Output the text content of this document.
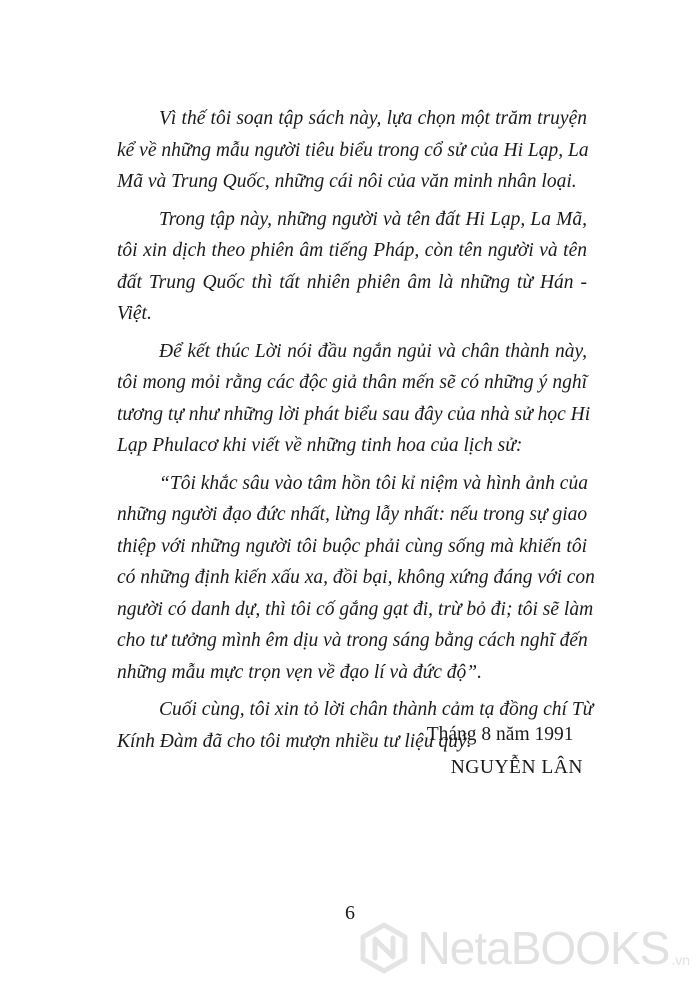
Vì thế tôi soạn tập sách này, lựa chọn một trăm truyện
kể về những mẫu người tiêu biểu trong cổ sử của Hi Lạp, La
Mã và Trung Quốc, những cái nôi của văn minh nhân loại.

Trong tập này, những người và tên đất Hi Lạp, La Mã,
tôi xin dịch theo phiên âm tiếng Pháp, còn tên người và tên
đất Trung Quốc thì tất nhiên phiên âm là những từ Hán -
Việt.

Để kết thúc Lời nói đầu ngắn ngủi và chân thành này,
tôi mong mỏi rằng các độc giả thân mến sẽ có những ý nghĩ
tương tự như những lời phát biểu sau đây của nhà sử học Hi
Lạp Phulacơ khi viết về những tinh hoa của lịch sử:

“Tôi khắc sâu vào tâm hồn tôi kỉ niệm và hình ảnh của
những người đạo đức nhất, lừng lẫy nhất: nếu trong sự giao
thiệp với những người tôi buộc phải cùng sống mà khiến tôi
có những định kiến xấu xa, đồi bại, không xứng đáng với con
người có danh dự, thì tôi cố gắng gạt đi, trừ bỏ đi; tôi sẽ làm
cho tư tưởng mình êm dịu và trong sáng bằng cách nghĩ đến
những mẫu mực trọn vẹn về đạo lí và đức độ”.

Cuối cùng, tôi xin tỏ lời chân thành cảm tạ đồng chí Từ
Kính Đàm đã cho tôi mượn nhiều tư liệu quý.

Tháng 8 năm 1991
NGUYỄN LÂN
6
NetaBOOKS .vn
